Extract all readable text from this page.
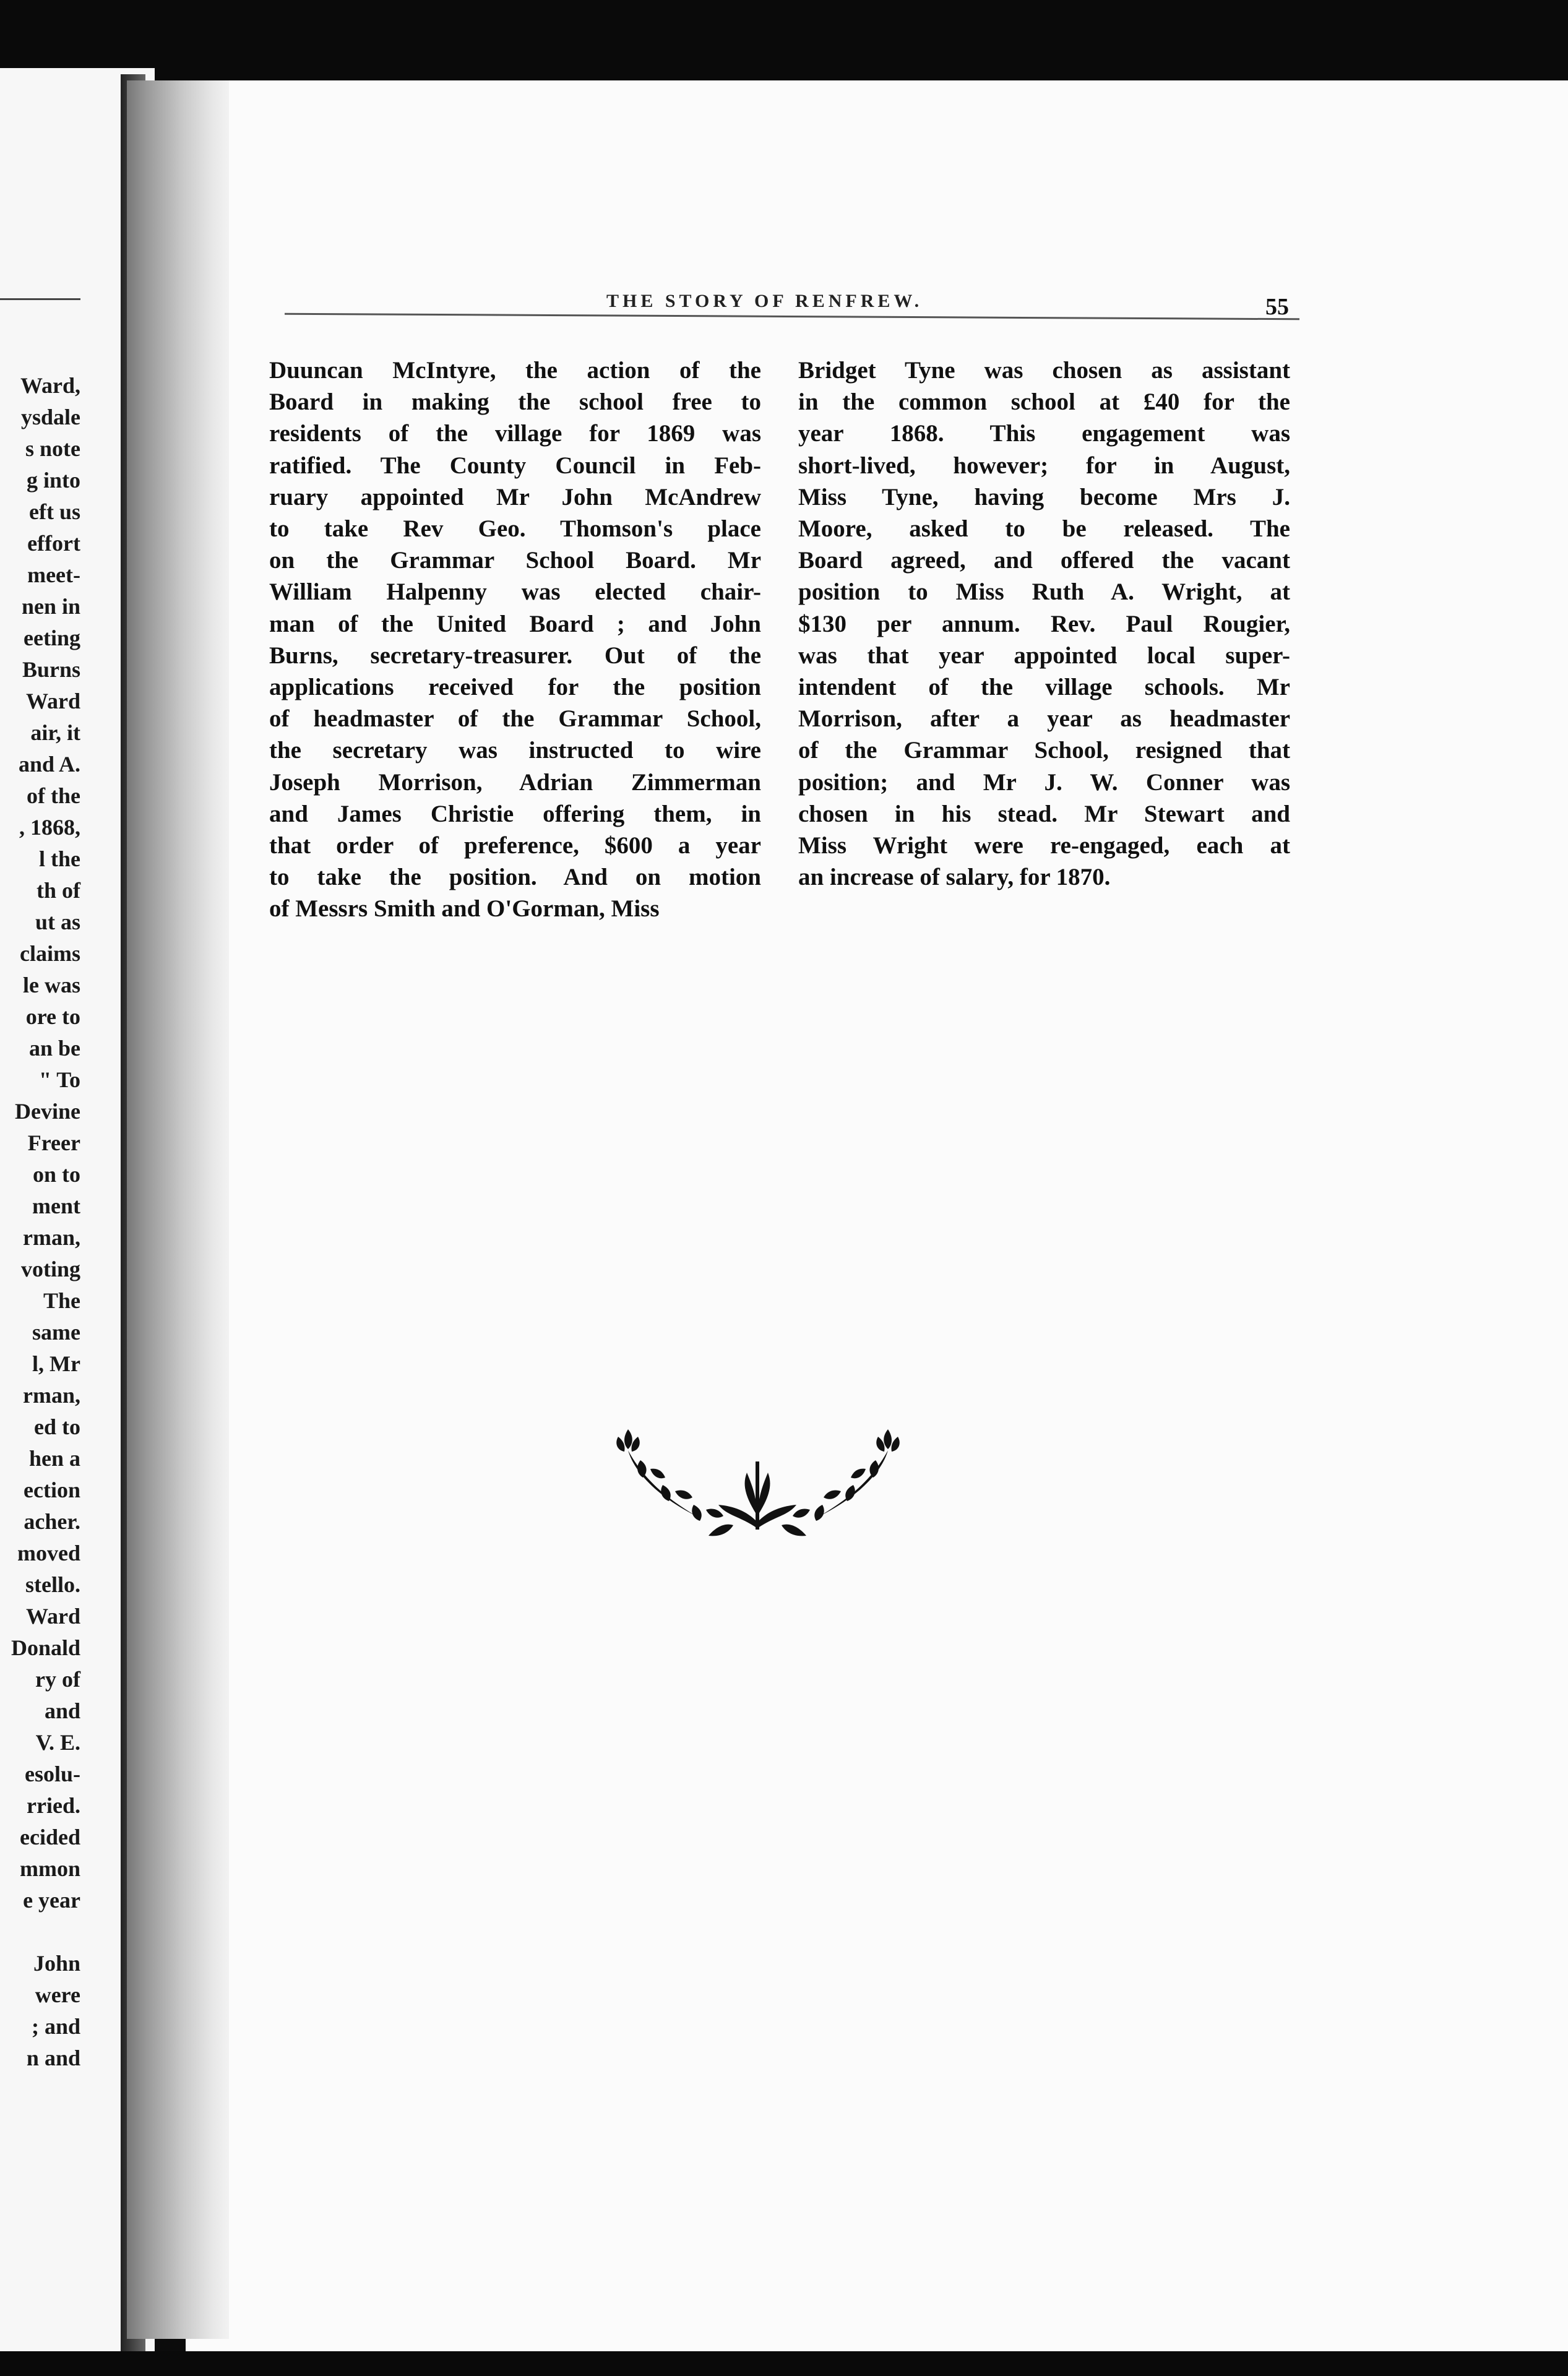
Ward,
ysdale
s note
g into
eft us
effort
meet-
nen in
eeting
Burns
Ward
air, it
and A.
of the
, 1868,
l the
th of
ut as
claims
le was
ore to
an be
" To
Devine
Freer
on to
ment
rman,
voting
The
same
l, Mr
rman,
ed to
hen a
ection
acher.
moved
stello.
Ward
Donald
ry of
and
V. E.
esolu-
rried.
ecided
mmon
e year

John
were
; and
n and
THE STORY OF RENFREW.	55
Duuncan McIntyre, the action of the
Board in making the school free to
residents of the village for 1869 was
ratified. The County Council in Feb-
ruary appointed Mr John McAndrew
to take Rev Geo. Thomson's place
on the Grammar School Board. Mr
William Halpenny was elected chair-
man of the United Board ; and John
Burns, secretary-treasurer. Out of the
applications received for the position
of headmaster of the Grammar School,
the secretary was instructed to wire
Joseph Morrison, Adrian Zimmerman
and James Christie offering them, in
that order of preference, $600 a year
to take the position. And on motion
of Messrs Smith and O'Gorman, Miss
Bridget Tyne was chosen as assistant
in the common school at £40 for the
year 1868. This engagement was
short-lived, however; for in August,
Miss Tyne, having become Mrs J.
Moore, asked to be released. The
Board agreed, and offered the vacant
position to Miss Ruth A. Wright, at
$130 per annum. Rev. Paul Rougier,
was that year appointed local super-
intendent of the village schools. Mr
Morrison, after a year as headmaster
of the Grammar School, resigned that
position; and Mr J. W. Conner was
chosen in his stead. Mr Stewart and
Miss Wright were re-engaged, each at
an increase of salary, for 1870.
